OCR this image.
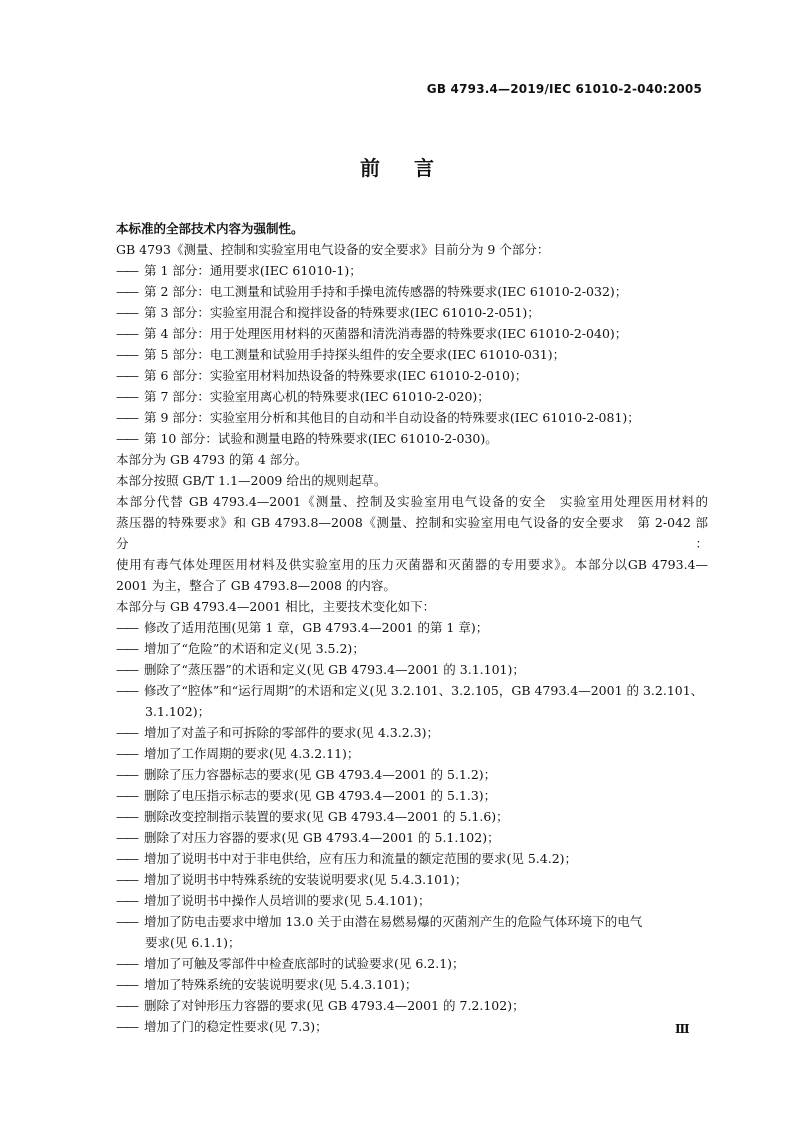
GB 4793.4—2019/IEC 61010-2-040:2005
前言
本标准的全部技术内容为强制性。
GB 4793《测量、控制和实验室用电气设备的安全要求》目前分为 9 个部分：
—— 第 1 部分：通用要求(IEC 61010-1)；
—— 第 2 部分：电工测量和试验用手持和手操电流传感器的特殊要求(IEC 61010-2-032)；
—— 第 3 部分：实验室用混合和搅拌设备的特殊要求(IEC 61010-2-051)；
—— 第 4 部分：用于处理医用材料的灭菌器和清洗消毒器的特殊要求(IEC 61010-2-040)；
—— 第 5 部分：电工测量和试验用手持探头组件的安全要求(IEC 61010-031)；
—— 第 6 部分：实验室用材料加热设备的特殊要求(IEC 61010-2-010)；
—— 第 7 部分：实验室用离心机的特殊要求(IEC 61010-2-020)；
—— 第 9 部分：实验室用分析和其他目的自动和半自动设备的特殊要求(IEC 61010-2-081)；
—— 第 10 部分：试验和测量电路的特殊要求(IEC 61010-2-030)。
本部分为 GB 4793 的第 4 部分。
本部分按照 GB/T 1.1—2009 给出的规则起草。
本部分代替 GB 4793.4—2001《测量、控制及实验室用电气设备的安全　实验室用处理医用材料的
蒸压器的特殊要求》和 GB 4793.8—2008《测量、控制和实验室用电气设备的安全要求　第 2-042 部分：
使用有毒气体处理医用材料及供实验室用的压力灭菌器和灭菌器的专用要求》。本部分以GB 4793.4—
2001 为主，整合了 GB 4793.8—2008 的内容。
本部分与 GB 4793.4—2001 相比，主要技术变化如下：
—— 修改了适用范围(见第 1 章，GB 4793.4—2001 的第 1 章)；
—— 增加了“危险”的术语和定义(见 3.5.2)；
—— 删除了“蒸压器”的术语和定义(见 GB 4793.4—2001 的 3.1.101)；
—— 修改了“腔体”和“运行周期”的术语和定义(见 3.2.101、3.2.105，GB 4793.4—2001 的 3.2.101、
3.1.102)；
—— 增加了对盖子和可拆除的零部件的要求(见 4.3.2.3)；
—— 增加了工作周期的要求(见 4.3.2.11)；
—— 删除了压力容器标志的要求(见 GB 4793.4—2001 的 5.1.2)；
—— 删除了电压指示标志的要求(见 GB 4793.4—2001 的 5.1.3)；
—— 删除改变控制指示装置的要求(见 GB 4793.4—2001 的 5.1.6)；
—— 删除了对压力容器的要求(见 GB 4793.4—2001 的 5.1.102)；
—— 增加了说明书中对于非电供给，应有压力和流量的额定范围的要求(见 5.4.2)；
—— 增加了说明书中特殊系统的安装说明要求(见 5.4.3.101)；
—— 增加了说明书中操作人员培训的要求(见 5.4.101)；
—— 增加了防电击要求中增加 13.0 关于由潜在易燃易爆的灭菌剂产生的危险气体环境下的电气
要求(见 6.1.1)；
—— 增加了可触及零部件中检查底部时的试验要求(见 6.2.1)；
—— 增加了特殊系统的安装说明要求(见 5.4.3.101)；
—— 删除了对钟形压力容器的要求(见 GB 4793.4—2001 的 7.2.102)；
—— 增加了门的稳定性要求(见 7.3)；	Ⅲ
